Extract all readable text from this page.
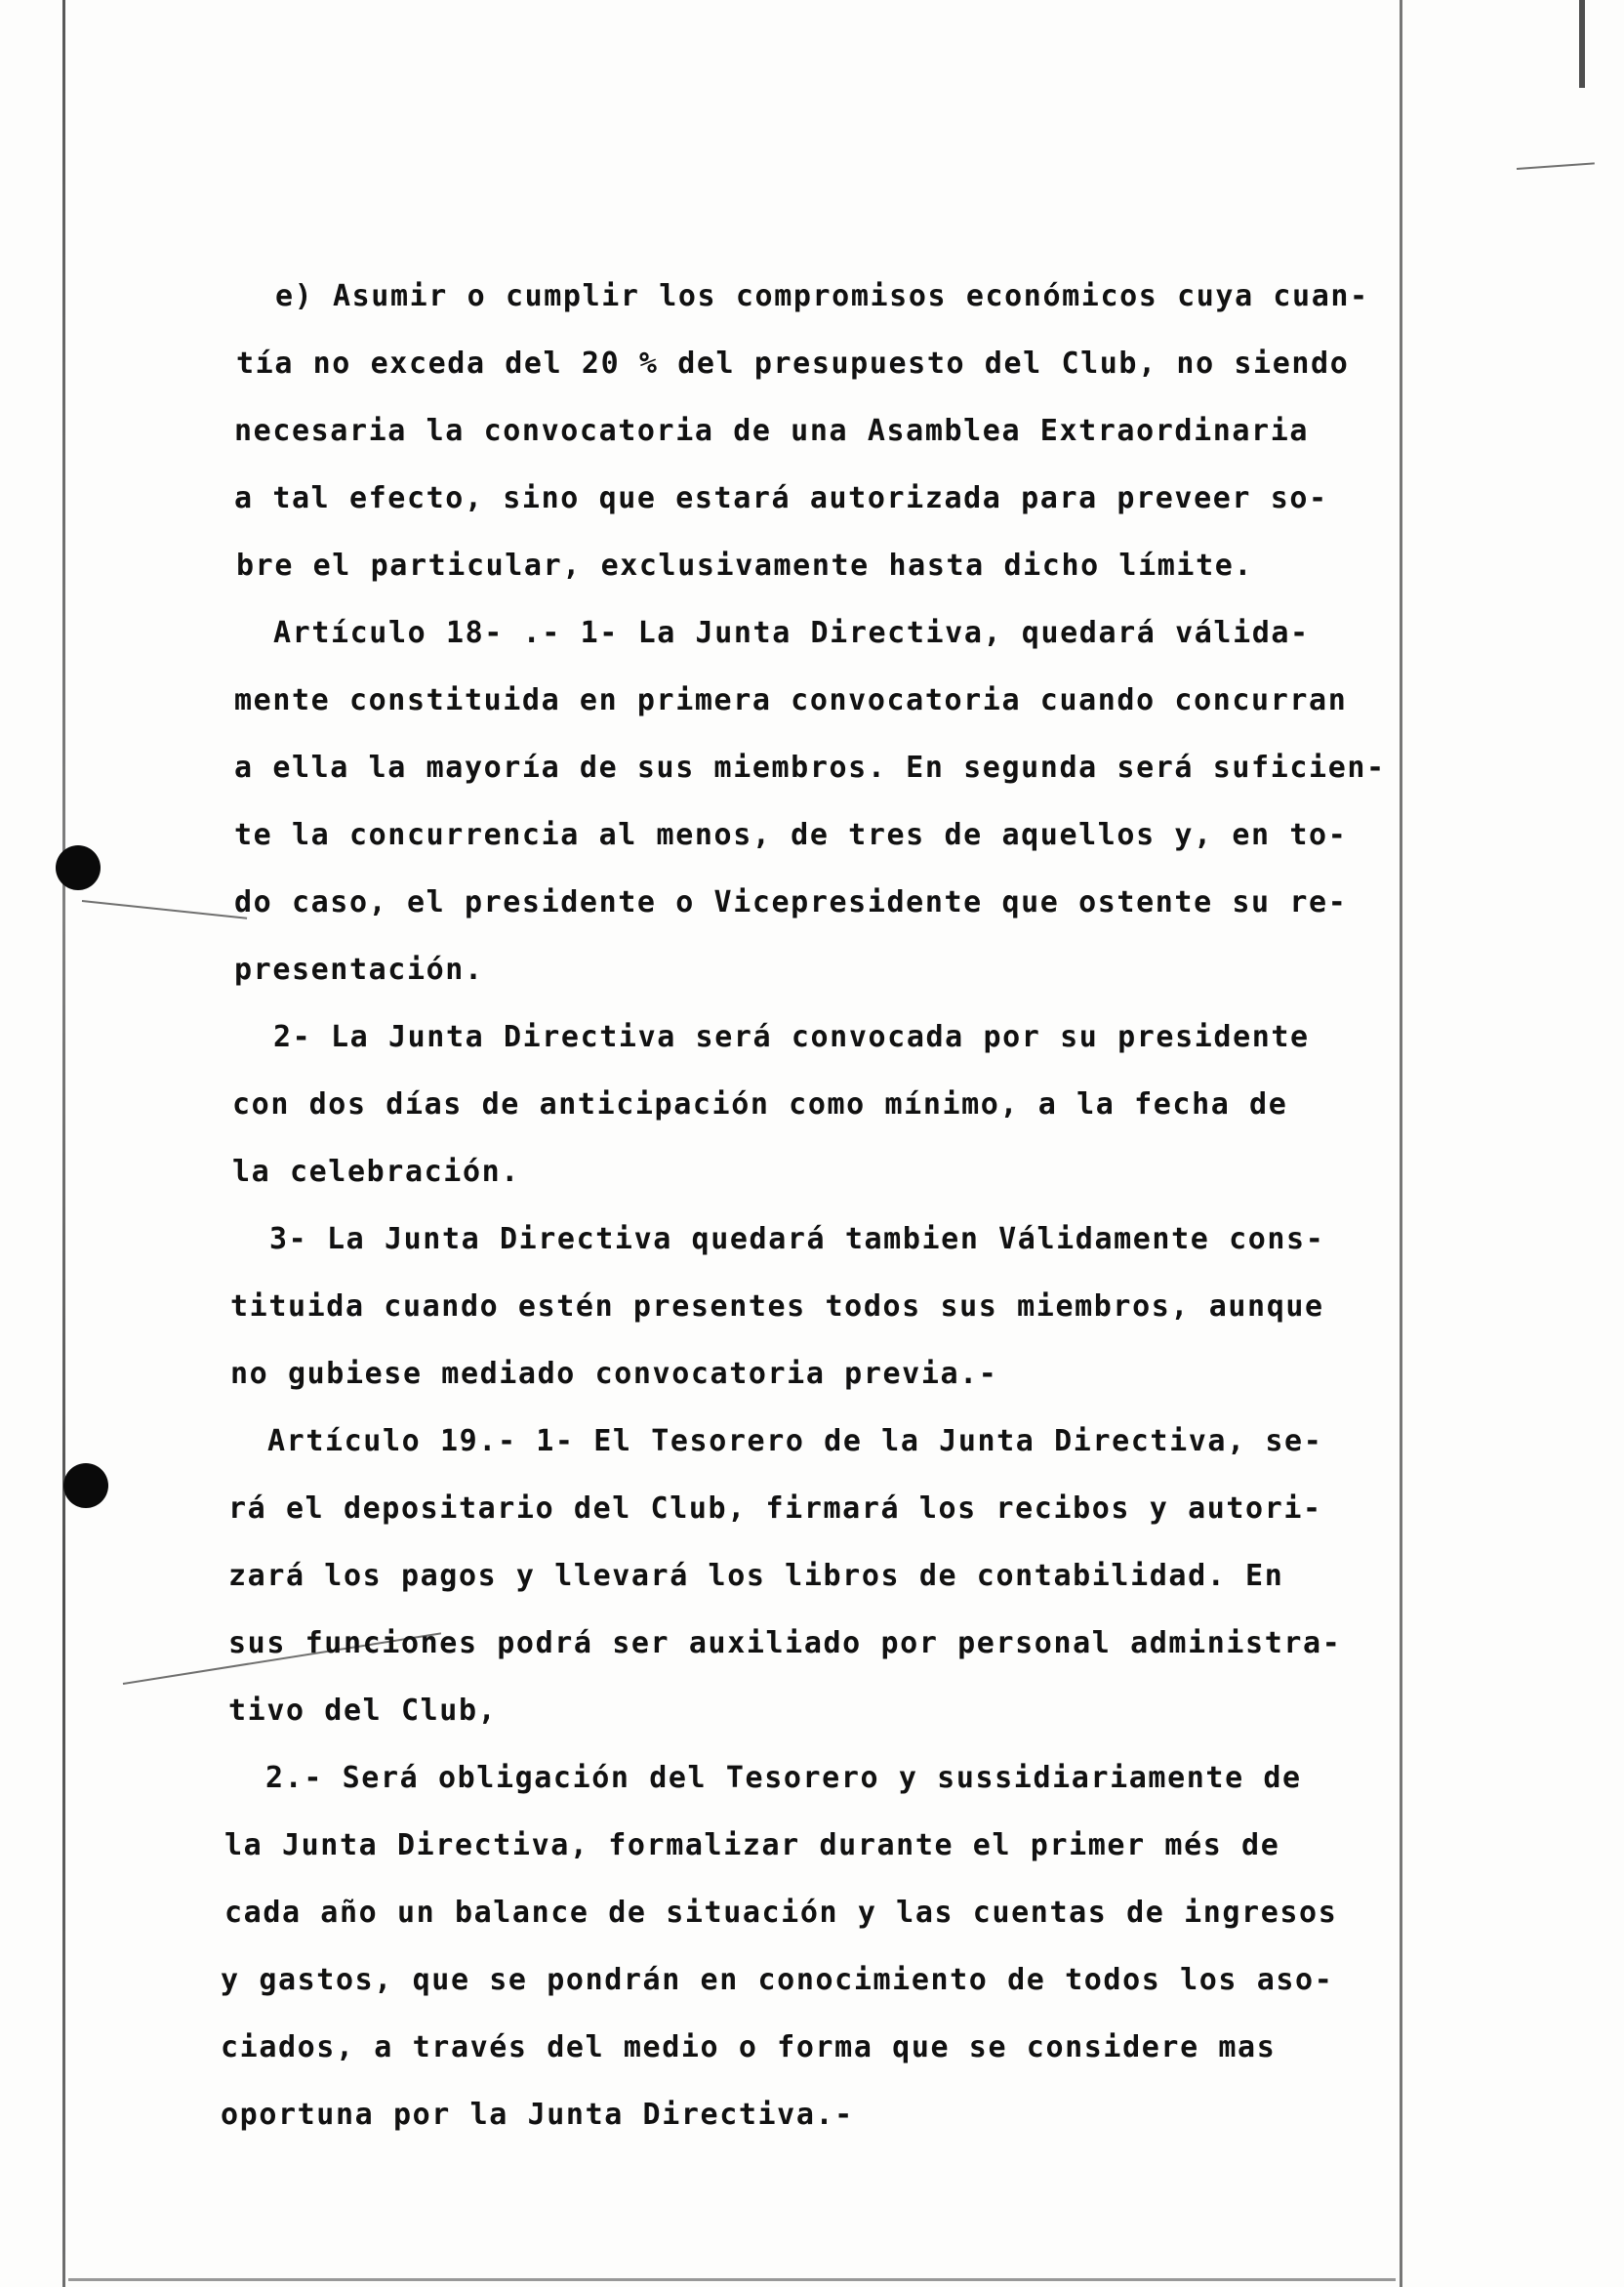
e) Asumir o cumplir los compromisos económicos cuya cuan-
tía no exceda del 20 % del presupuesto del Club, no siendo
necesaria la convocatoria de una Asamblea Extraordinaria
a tal efecto, sino que estará autorizada para preveer so-
bre el particular, exclusivamente hasta dicho límite.
Artículo 18- .- 1- La Junta Directiva, quedará válida-
mente constituida en primera convocatoria cuando concurran
a ella la mayoría de sus miembros. En segunda será suficien-
te la concurrencia al menos, de tres de aquellos y, en to-
do caso, el presidente o Vicepresidente que ostente su re-
presentación.
2- La Junta Directiva será convocada por su presidente
con dos días de anticipación como mínimo, a la fecha de
la celebración.
3- La Junta Directiva quedará tambien Válidamente cons-
tituida cuando estén presentes todos sus miembros, aunque
no gubiese mediado convocatoria previa.-
Artículo 19.- 1- El Tesorero de la Junta Directiva, se-
rá el depositario del Club, firmará los recibos y autori-
zará los pagos y llevará los libros de contabilidad. En
sus funciones podrá ser auxiliado por personal administra-
tivo del Club,
2.- Será obligación del Tesorero y sussidiariamente de
la Junta Directiva, formalizar durante el primer més de
cada año un balance de situación y las cuentas de ingresos
y gastos, que se pondrán en conocimiento de todos los aso-
ciados, a través del medio o forma que se considere mas
oportuna por la Junta Directiva.-
